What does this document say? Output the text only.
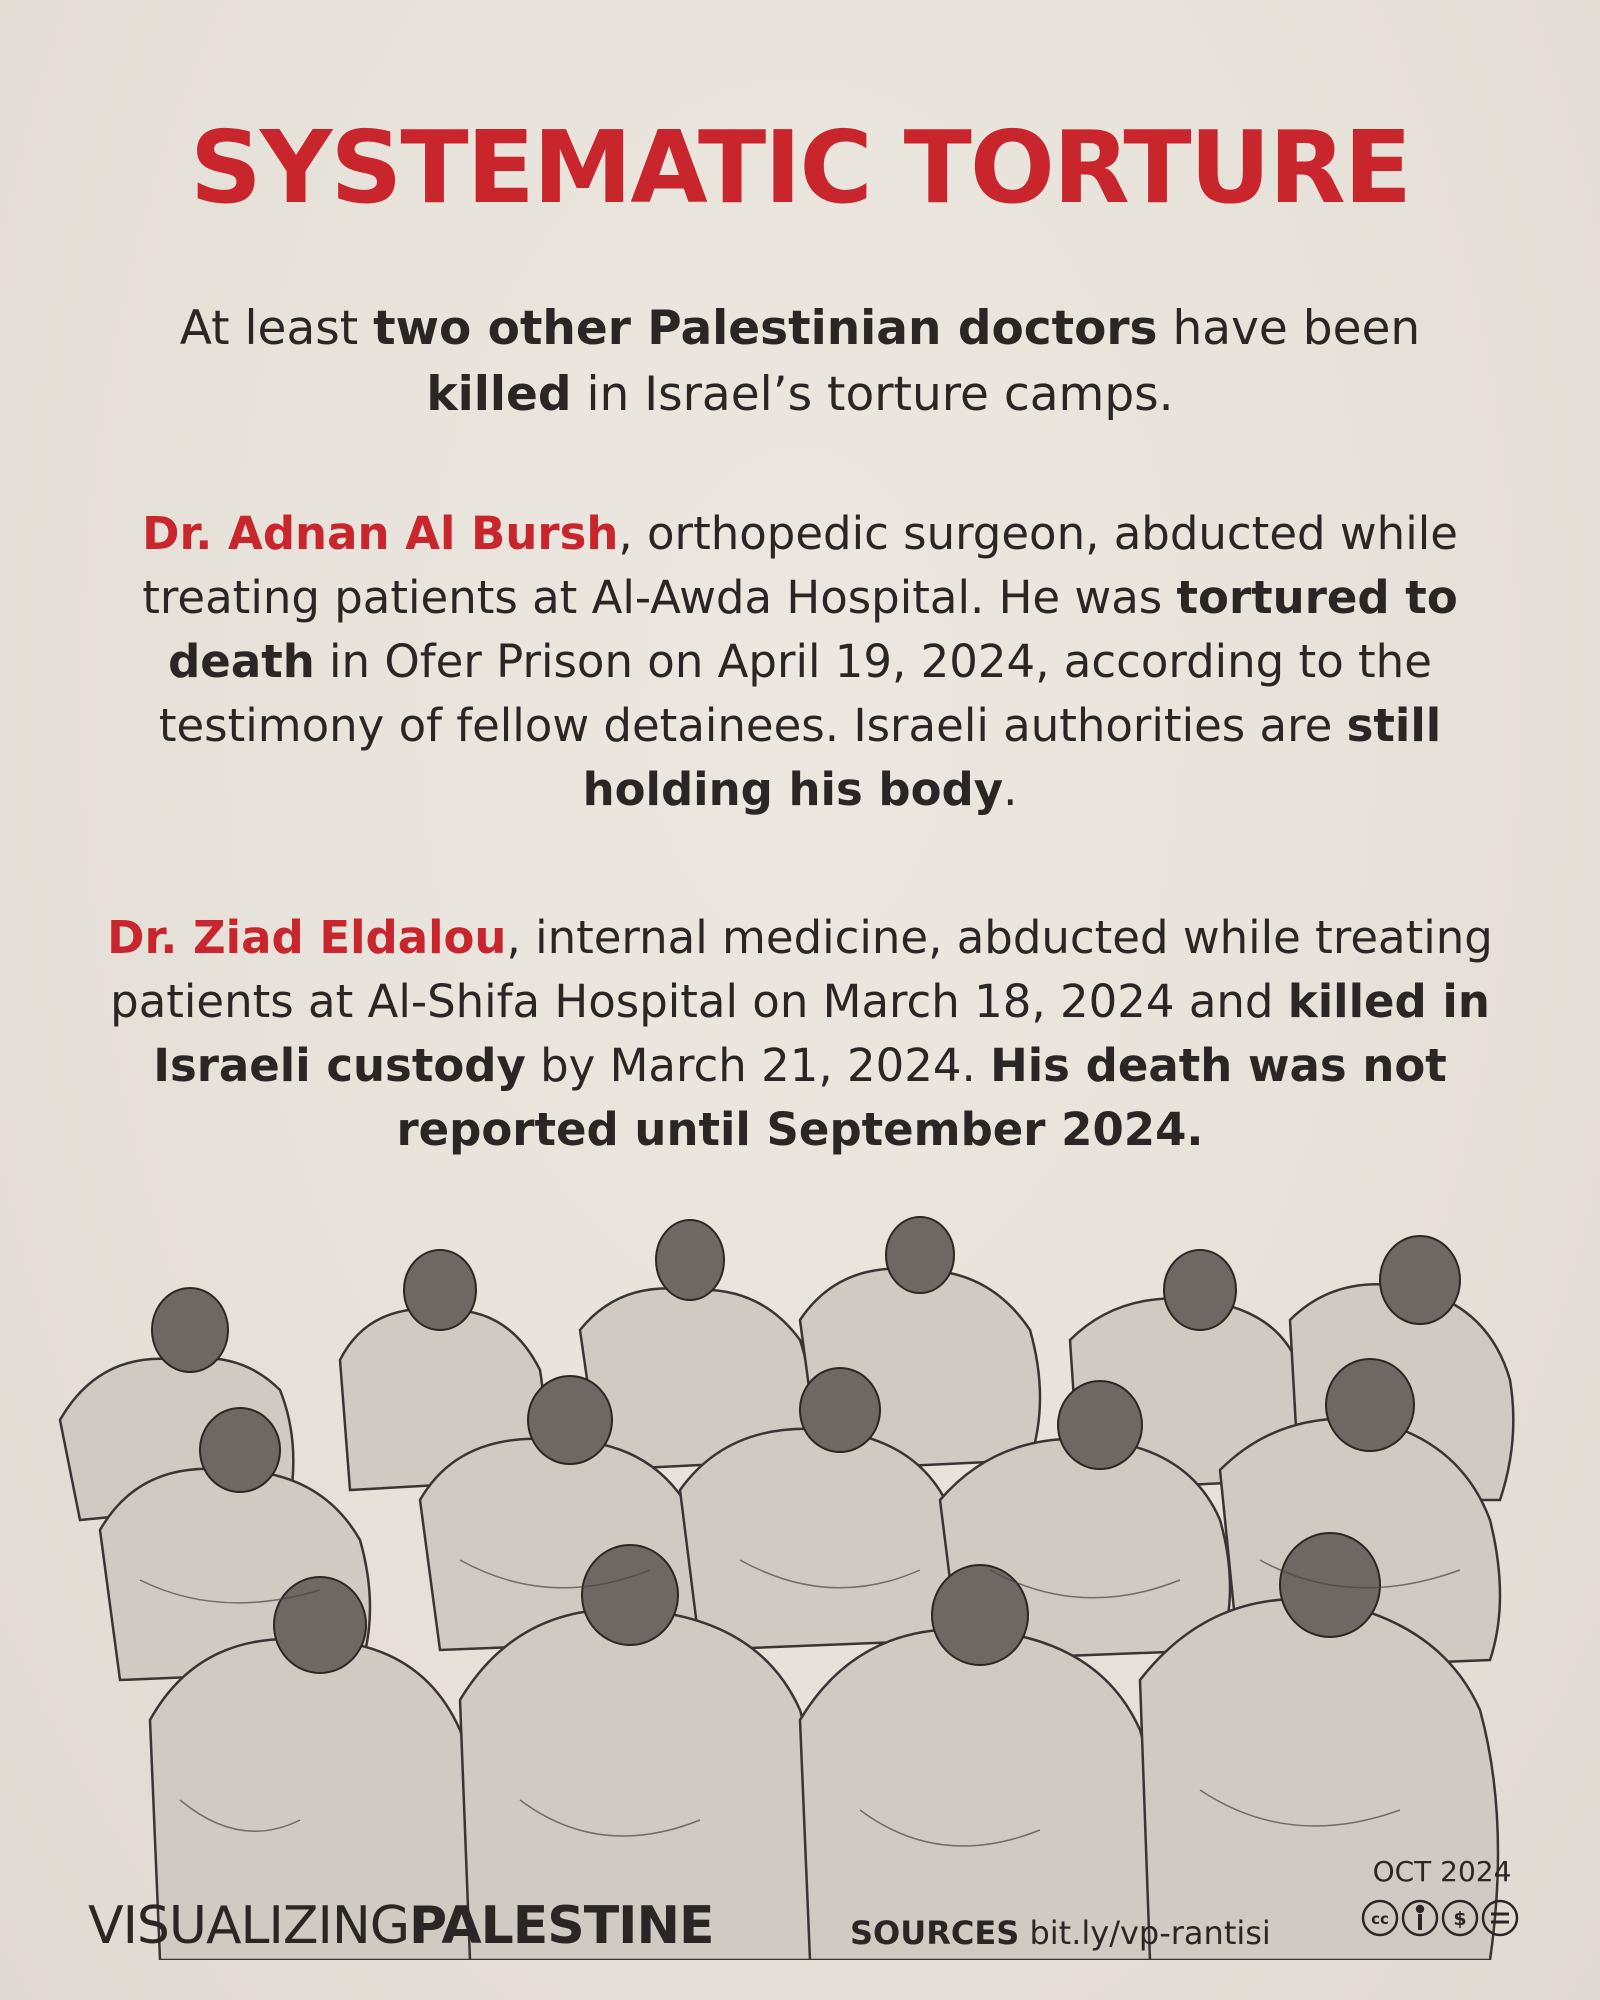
SYSTEMATIC TORTURE

At least two other Palestinian doctors have been killed in Israel’s torture camps.

Dr. Adnan Al Bursh, orthopedic surgeon, abducted while treating patients at Al-Awda Hospital. He was tortured to death in Ofer Prison on April 19, 2024, according to the testimony of fellow detainees. Israeli authorities are still holding his body.

Dr. Ziad Eldalou, internal medicine, abducted while treating patients at Al-Shifa Hospital on March 18, 2024 and killed in Israeli custody by March 21, 2024. His death was not reported until September 2024.

VISUALIZINGPALESTINE	SOURCES bit.ly/vp-rantisi
OCT 2024
cc	$
